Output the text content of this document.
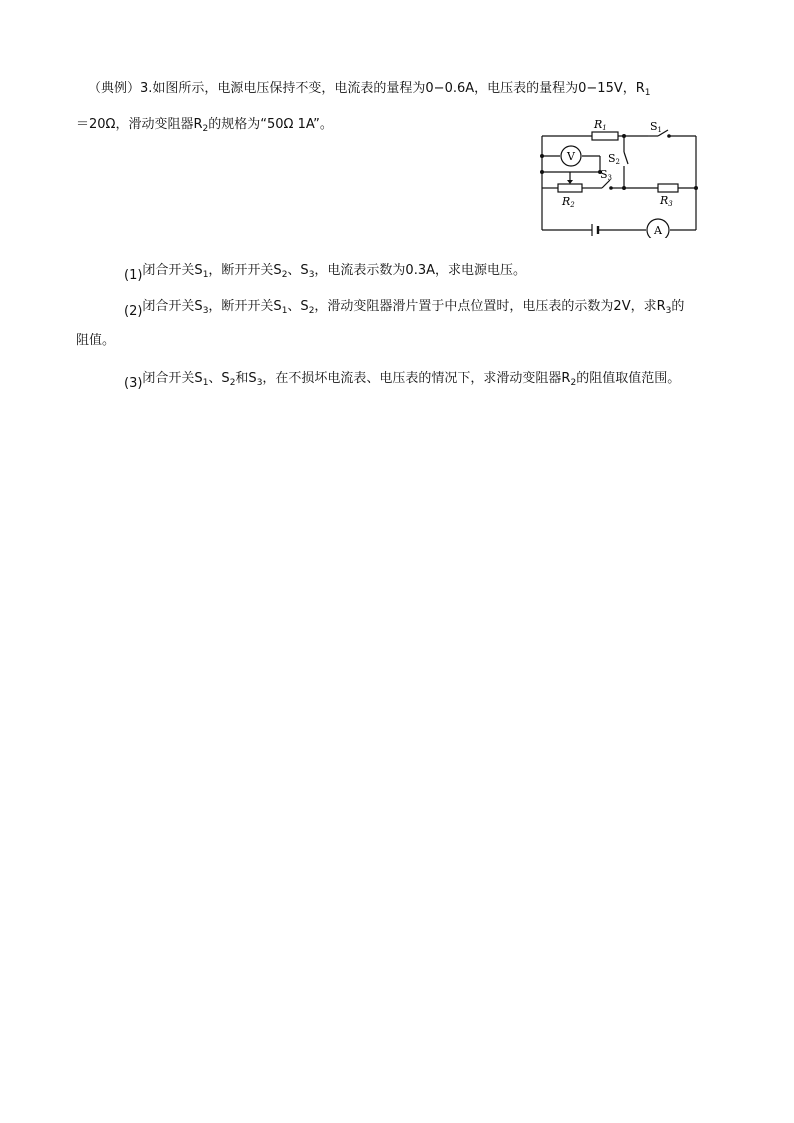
（典例）3.如图所示，电源电压保持不变，电流表的量程为0−0.6A，电压表的量程为0−15V，$R_1$
＝20Ω，滑动变阻器$R_2$的规格为“50Ω 1A”。
V
A
R1
R2	R3
S1
S2
S3
(1)闭合开关$S_1$，断开开关$S_2$、$S_3$，电流表示数为0.3A，求电源电压。
(2)闭合开关$S_3$，断开开关$S_1$、$S_2$，滑动变阻器滑片置于中点位置时，电压表的示数为2V，求$R_3$的
阻值。
(3)闭合开关$S_1$、$S_2$和$S_3$，在不损坏电流表、电压表的情况下，求滑动变阻器$R_2$的阻值取值范围。
